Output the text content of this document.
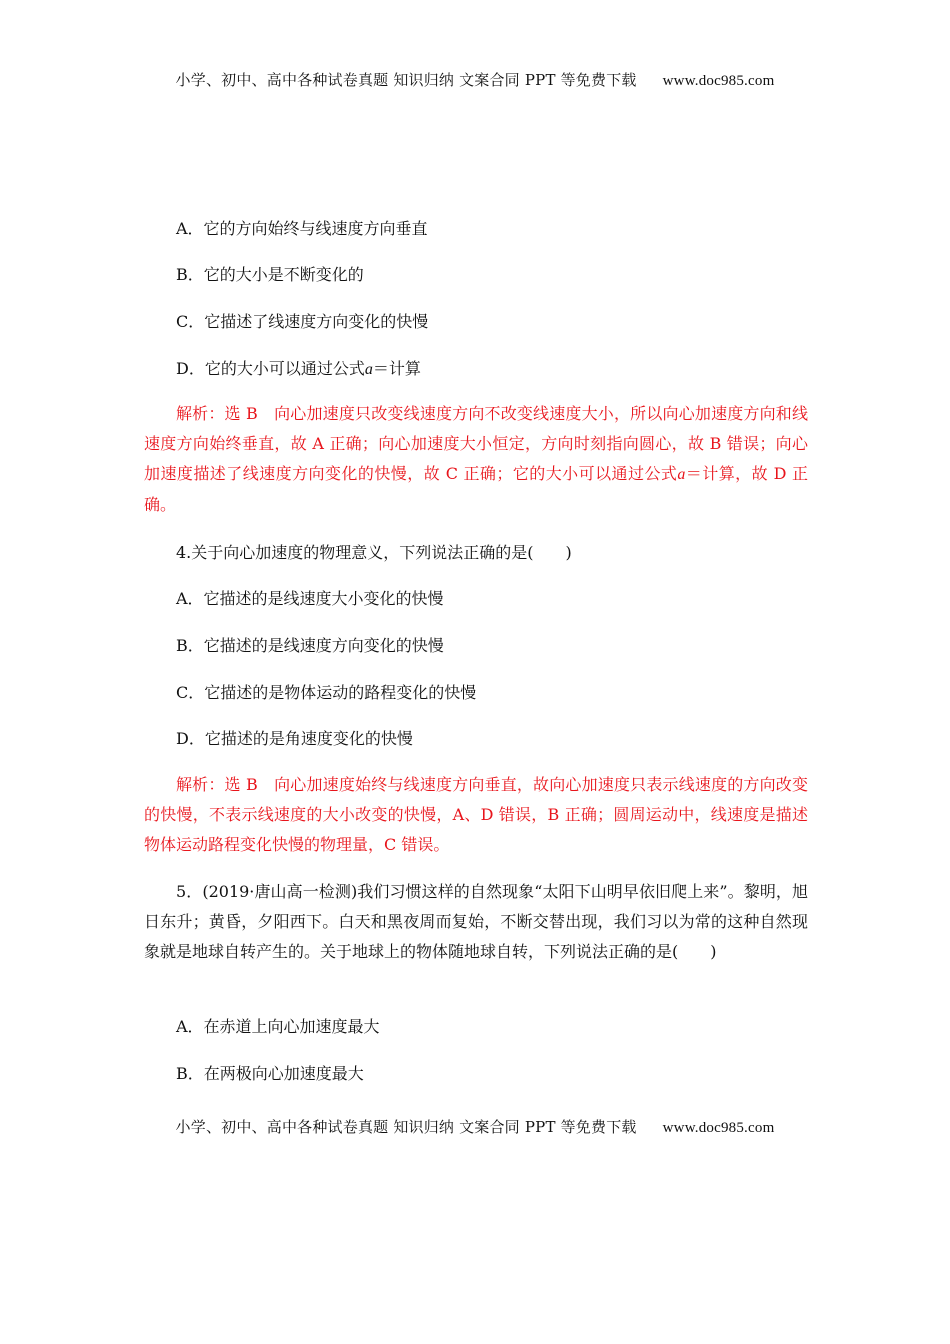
小学、初中、高中各种试卷真题 知识归纳 文案合同 PPT 等免费下载 www.doc985.com
A．它的方向始终与线速度方向垂直
B．它的大小是不断变化的
C．它描述了线速度方向变化的快慢
D．它的大小可以通过公式a＝计算
解析：选 B　向心加速度只改变线速度方向不改变线速度大小，所以向心加速度方向和线速度方向始终垂直，故 A 正确；向心加速度大小恒定，方向时刻指向圆心，故 B 错误；向心加速度描述了线速度方向变化的快慢，故 C 正确；它的大小可以通过公式a＝计算，故 D 正确。
4.关于向心加速度的物理意义，下列说法正确的是(　　)
A．它描述的是线速度大小变化的快慢
B．它描述的是线速度方向变化的快慢
C．它描述的是物体运动的路程变化的快慢
D．它描述的是角速度变化的快慢
解析：选 B　向心加速度始终与线速度方向垂直，故向心加速度只表示线速度的方向改变的快慢，不表示线速度的大小改变的快慢，A、D 错误，B 正确；圆周运动中，线速度是描述物体运动路程变化快慢的物理量，C 错误。
5．(2019·唐山高一检测)我们习惯这样的自然现象“太阳下山明早依旧爬上来”。黎明，旭日东升；黄昏，夕阳西下。白天和黑夜周而复始，不断交替出现，我们习以为常的这种自然现象就是地球自转产生的。关于地球上的物体随地球自转，下列说法正确的是(　　)
A．在赤道上向心加速度最大
B．在两极向心加速度最大
小学、初中、高中各种试卷真题 知识归纳 文案合同 PPT 等免费下载 www.doc985.com
